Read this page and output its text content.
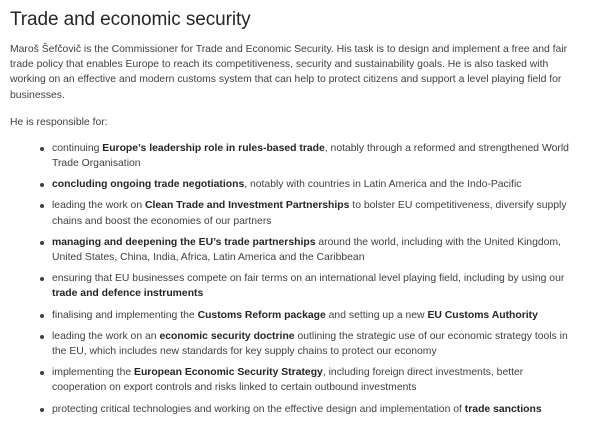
Trade and economic security

Maroš Šefčovič is the Commissioner for Trade and Economic Security. His task is to design and implement a free and fair trade policy that enables Europe to reach its competitiveness, security and sustainability goals. He is also tasked with working on an effective and modern customs system that can help to protect citizens and support a level playing field for businesses.

He is responsible for:

continuing Europe’s leadership role in rules-based trade, notably through a reformed and strengthened World Trade Organisation
concluding ongoing trade negotiations, notably with countries in Latin America and the Indo-Pacific
leading the work on Clean Trade and Investment Partnerships to bolster EU competitiveness, diversify supply chains and boost the economies of our partners
managing and deepening the EU’s trade partnerships around the world, including with the United Kingdom, United States, China, India, Africa, Latin America and the Caribbean
ensuring that EU businesses compete on fair terms on an international level playing field, including by using our trade and defence instruments
finalising and implementing the Customs Reform package and setting up a new EU Customs Authority
leading the work on an economic security doctrine outlining the strategic use of our economic strategy tools in the EU, which includes new standards for key supply chains to protect our economy
implementing the European Economic Security Strategy, including foreign direct investments, better cooperation on export controls and risks linked to certain outbound investments
protecting critical technologies and working on the effective design and implementation of trade sanctions
